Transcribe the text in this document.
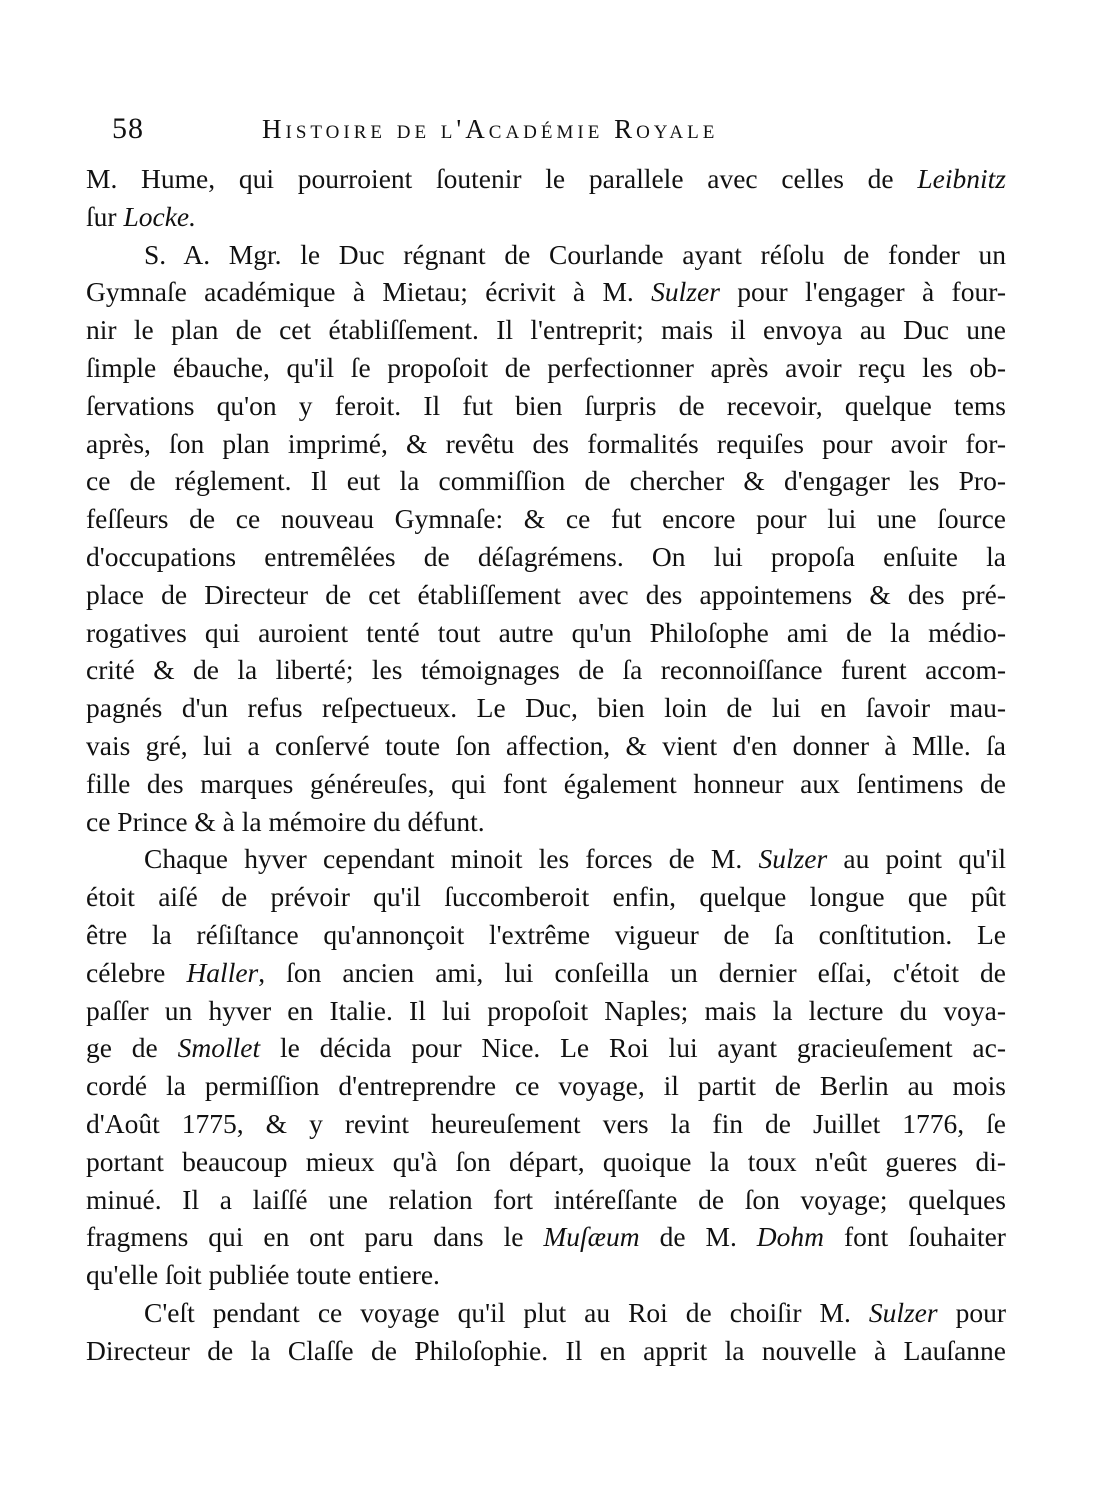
58	Histoire de l'Académie Royale
M. Hume, qui pourroient ſoutenir le parallele avec celles de Leibnitz
ſur Locke.
S. A. Mgr. le Duc régnant de Courlande ayant réſolu de fonder un
Gymnaſe académique à Mietau; écrivit à M. Sulzer pour l'engager à four-
nir le plan de cet établiſſement. Il l'entreprit; mais il envoya au Duc une
ſimple ébauche, qu'il ſe propoſoit de perfectionner après avoir reçu les ob-
ſervations qu'on y feroit. Il fut bien ſurpris de recevoir, quelque tems
après, ſon plan imprimé, & revêtu des formalités requiſes pour avoir for-
ce de réglement. Il eut la commiſſion de chercher & d'engager les Pro-
feſſeurs de ce nouveau Gymnaſe: & ce fut encore pour lui une ſource
d'occupations entremêlées de déſagrémens. On lui propoſa enſuite la
place de Directeur de cet établiſſement avec des appointemens & des pré-
rogatives qui auroient tenté tout autre qu'un Philoſophe ami de la médio-
crité & de la liberté; les témoignages de ſa reconnoiſſance furent accom-
pagnés d'un refus reſpectueux. Le Duc, bien loin de lui en ſavoir mau-
vais gré, lui a conſervé toute ſon affection, & vient d'en donner à Mlle. ſa
fille des marques généreuſes, qui font également honneur aux ſentimens de
ce Prince & à la mémoire du défunt.
Chaque hyver cependant minoit les forces de M. Sulzer au point qu'il
étoit aiſé de prévoir qu'il ſuccomberoit enfin, quelque longue que pût
être la réſiſtance qu'annonçoit l'extrême vigueur de ſa conſtitution. Le
célebre Haller, ſon ancien ami, lui conſeilla un dernier eſſai, c'étoit de
paſſer un hyver en Italie. Il lui propoſoit Naples; mais la lecture du voya-
ge de Smollet le décida pour Nice. Le Roi lui ayant gracieuſement ac-
cordé la permiſſion d'entreprendre ce voyage, il partit de Berlin au mois
d'Août 1775, & y revint heureuſement vers la fin de Juillet 1776, ſe
portant beaucoup mieux qu'à ſon départ, quoique la toux n'eût gueres di-
minué. Il a laiſſé une relation fort intéreſſante de ſon voyage; quelques
fragmens qui en ont paru dans le Muſæum de M. Dohm font ſouhaiter
qu'elle ſoit publiée toute entiere.
C'eſt pendant ce voyage qu'il plut au Roi de choiſir M. Sulzer pour
Directeur de la Claſſe de Philoſophie. Il en apprit la nouvelle à Lauſanne
